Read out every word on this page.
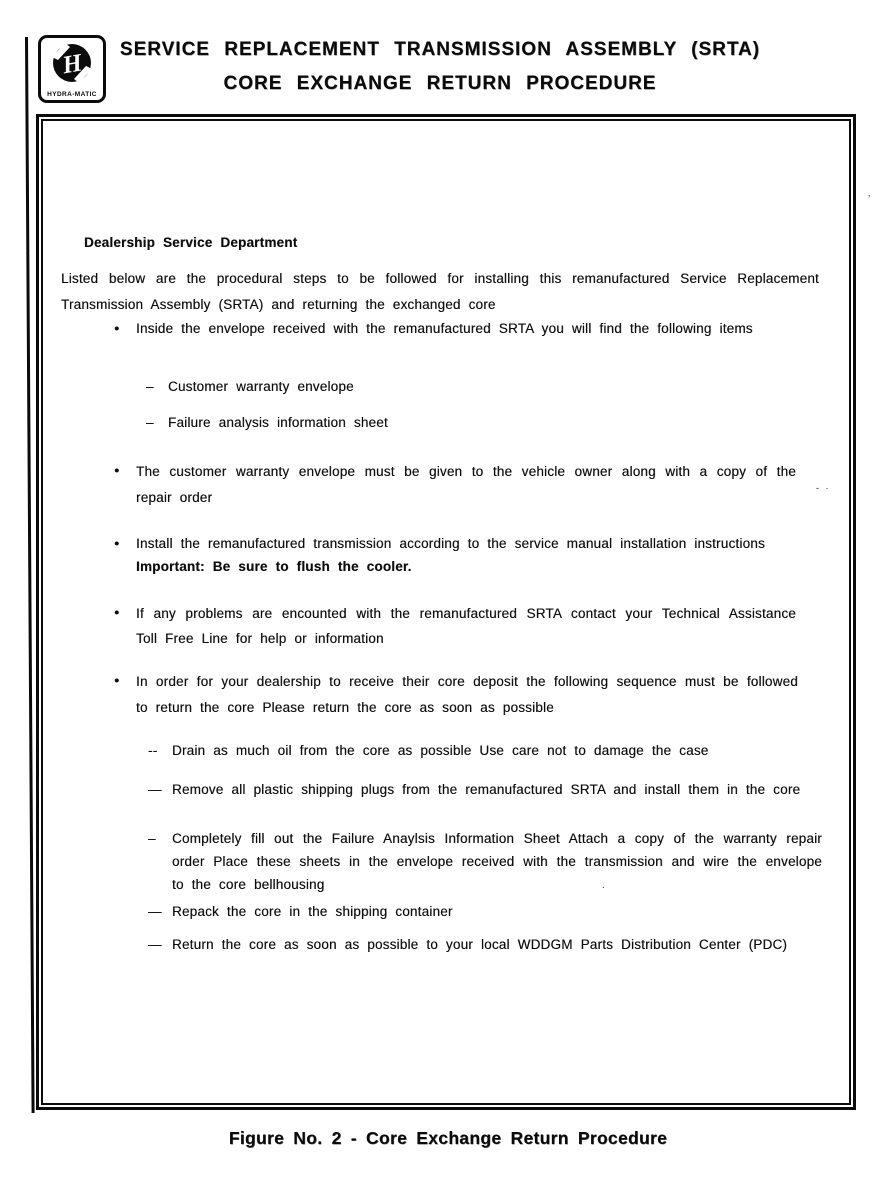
H
HYDRA-MATIC
SERVICE REPLACEMENT TRANSMISSION ASSEMBLY (SRTA)
CORE EXCHANGE RETURN PROCEDURE
Dealership Service Department
Listed below are the procedural steps to be followed for installing this remanufactured Service Replacement Transmission Assembly (SRTA) and returning the exchanged core
●	Inside the envelope received with the remanufactured SRTA you will find the following items
–	Customer warranty envelope
–	Failure analysis information sheet
●	The customer warranty envelope must be given to the vehicle owner along with a copy of the repair order
●	Install the remanufactured transmission according to the service manual installation instructions
Important: Be sure to flush the cooler.
●	If any problems are encounted with the remanufactured SRTA contact your Technical Assistance Toll Free Line for help or information
●	In order for your dealership to receive their core deposit the following sequence must be followed to return the core Please return the core as soon as possible
--	Drain as much oil from the core as possible Use care not to damage the case
— Remove all plastic shipping plugs from the remanufactured SRTA and install them in the core
–	Completely fill out the Failure Anaylsis Information Sheet Attach a copy of the warranty repair order Place these sheets in the envelope received with the transmission and wire the envelope to the core bellhousing
— Repack the core in the shipping container
— Return the core as soon as possible to your local WDDGM Parts Distribution Center (PDC)
Figure No. 2 - Core Exchange Return Procedure
’
- ·
.
